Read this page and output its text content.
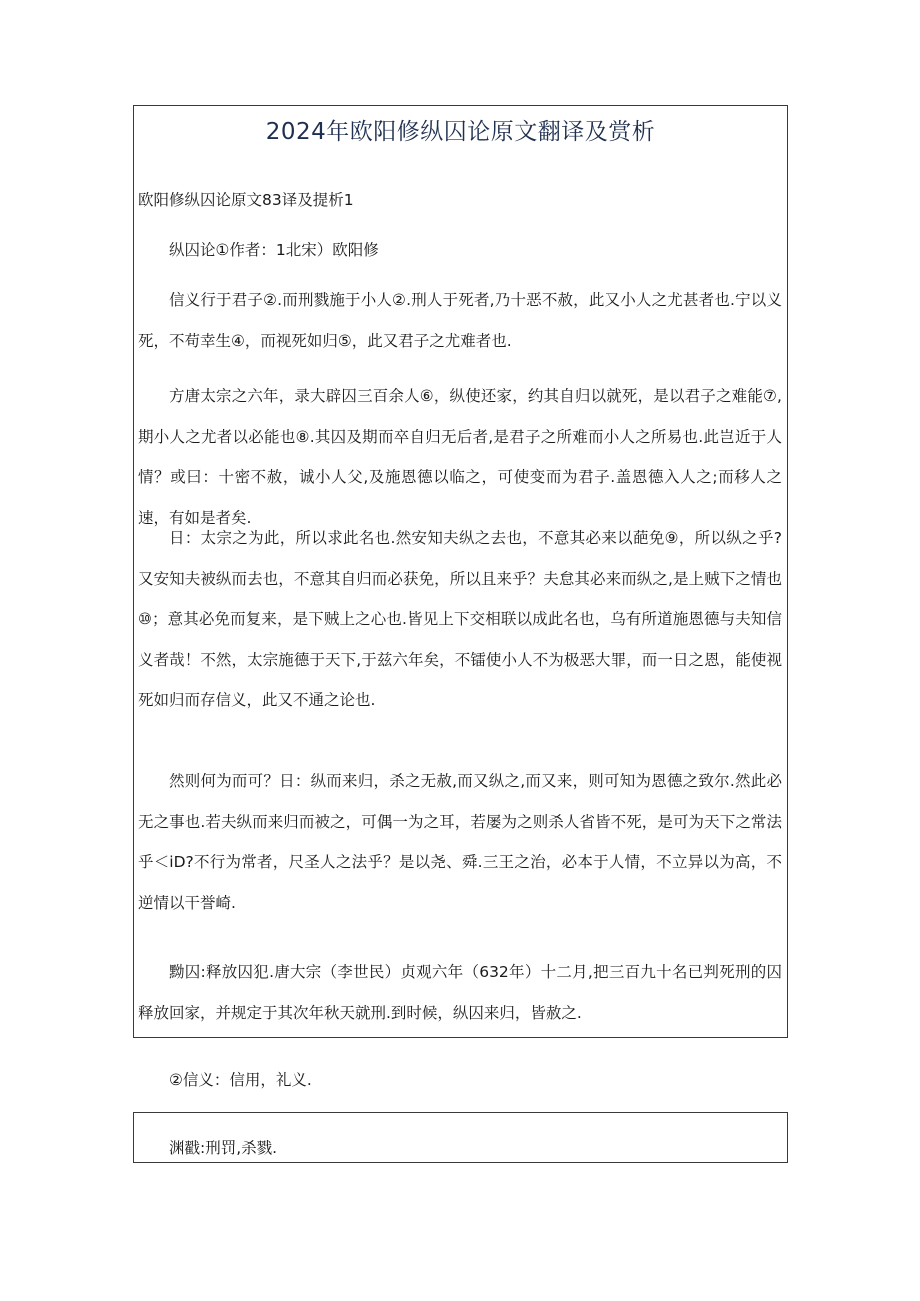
2024年欧阳修纵囚论原文翻译及赏析
欧阳修纵囚论原文83译及提析1
纵囚论①作者：1北宋）欧阳修
信义行于君子②.而刑戮施于小人②.刑人于死者,乃十恶不赦，此又小人之尤甚者也.宁以义死，不苟幸生④，而视死如归⑤，此又君子之尤难者也.
方唐太宗之六年，录大辟囚三百余人⑥，纵使还家，约其自归以就死，是以君子之难能⑦,期小人之尤者以必能也⑧.其囚及期而卒自归无后者,是君子之所难而小人之所易也.此岂近于人情？或曰：十密不赦，诚小人父,及施恩德以临之，可使变而为君子.盖恩德入人之;而移人之速，有如是者矣.
日：太宗之为此，所以求此名也.然安知夫纵之去也，不意其必来以葩免⑨，所以纵之乎?又安知夫被纵而去也，不意其自归而必获免，所以且来乎？夫怠其必来而纵之,是上贼下之情也⑩；意其必免而复来，是下贼上之心也.皆见上下交相联以成此名也，乌有所道施恩德与夫知信义者哉！不然，太宗施德于天下,于兹六年矣，不镭使小人不为极恶大罪，而一日之恩，能使视死如归而存信义，此又不通之论也.
然则何为而可？日：纵而来归，杀之无赦,而又纵之,而又来，则可知为恩德之致尔.然此必无之事也.若夫纵而来归而被之，可偶一为之耳，若屡为之则杀人省皆不死，是可为天下之常法乎＜iD?不行为常者，尺圣人之法乎？是以尧、舜.三王之治，必本于人情，不立异以为高，不逆情以干誉崎.
黝囚:释放囚犯.唐大宗（李世民）贞观六年（632年）十二月,把三百九十名已判死刑的囚释放回家，并规定于其次年秋天就刑.到时候，纵囚来归，皆赦之.
②信义：信用，礼义.
渊戳:刑罚,杀戮.
